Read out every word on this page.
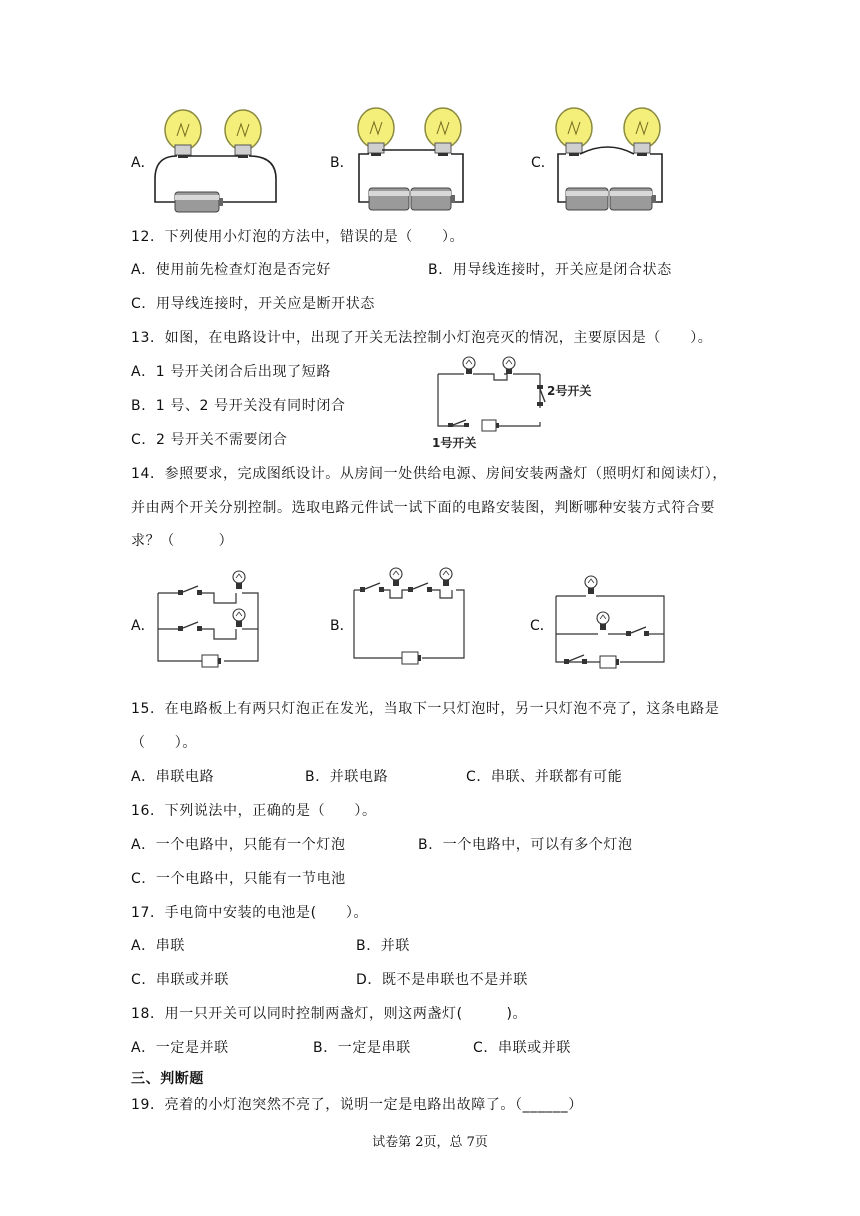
A．	B．	C．
12．下列使用小灯泡的方法中，错误的是（　　）。
A．使用前先检查灯泡是否完好	B．用导线连接时，开关应是闭合状态
C．用导线连接时，开关应是断开状态
13．如图，在电路设计中，出现了开关无法控制小灯泡亮灭的情况，主要原因是（　　）。
A．1 号开关闭合后出现了短路
B．1 号、2 号开关没有同时闭合
C．2 号开关不需要闭合
2号开关
1号开关
14．参照要求，完成图纸设计。从房间一处供给电源、房间安装两盏灯（照明灯和阅读灯），
并由两个开关分别控制。选取电路元件试一试下面的电路安装图，判断哪种安装方式符合要
求？（　　　）
A．	B．	C．
15．在电路板上有两只灯泡正在发光，当取下一只灯泡时，另一只灯泡不亮了，这条电路是
（　　）。
A．串联电路	B．并联电路	C．串联、并联都有可能
16．下列说法中，正确的是（　　）。
A．一个电路中，只能有一个灯泡	B．一个电路中，可以有多个灯泡
C．一个电路中，只能有一节电池
17．手电筒中安装的电池是(　　）。
A．串联	B．并联
C．串联或并联	D．既不是串联也不是并联
18．用一只开关可以同时控制两盏灯，则这两盏灯(　　　)。
A．一定是并联	B．一定是串联	C．串联或并联
三、判断题
19．亮着的小灯泡突然不亮了，说明一定是电路出故障了。（______）
试卷第 2页，总 7页
